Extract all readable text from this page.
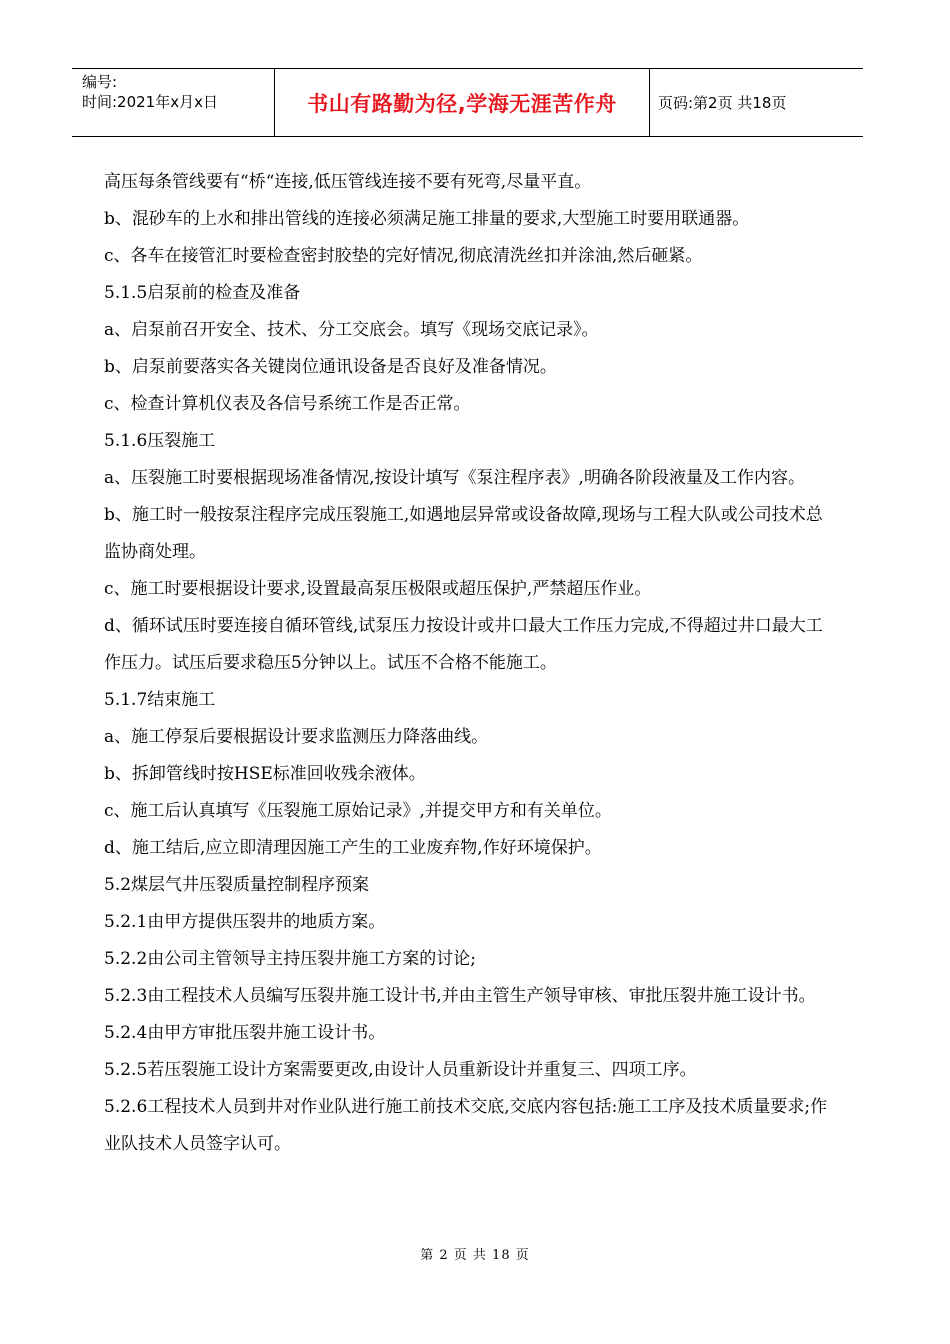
编号:
时间:2021年x月x日	书山有路勤为径,学海无涯苦作舟	页码:第2页 共18页

高压每条管线要有“桥“连接,低压管线连接不要有死弯,尽量平直。

b、混砂车的上水和排出管线的连接必须满足施工排量的要求,大型施工时要用联通器。

c、各车在接管汇时要检查密封胶垫的完好情况,彻底清洗丝扣并涂油,然后砸紧。

5.1.5启泵前的检查及准备

a、启泵前召开安全、技术、分工交底会。填写《现场交底记录》。

b、启泵前要落实各关键岗位通讯设备是否良好及准备情况。

c、检查计算机仪表及各信号系统工作是否正常。

5.1.6压裂施工

a、压裂施工时要根据现场准备情况,按设计填写《泵注程序表》,明确各阶段液量及工作内容。

b、施工时一般按泵注程序完成压裂施工,如遇地层异常或设备故障,现场与工程大队或公司技术总监协商处理。

c、施工时要根据设计要求,设置最高泵压极限或超压保护,严禁超压作业。

d、循环试压时要连接自循环管线,试泵压力按设计或井口最大工作压力完成,不得超过井口最大工作压力。试压后要求稳压5分钟以上。试压不合格不能施工。

5.1.7结束施工

a、施工停泵后要根据设计要求监测压力降落曲线。

b、拆卸管线时按HSE标准回收残余液体。

c、施工后认真填写《压裂施工原始记录》,并提交甲方和有关单位。

d、施工结后,应立即清理因施工产生的工业废弃物,作好环境保护。

5.2煤层气井压裂质量控制程序预案

5.2.1由甲方提供压裂井的地质方案。

5.2.2由公司主管领导主持压裂井施工方案的讨论;

5.2.3由工程技术人员编写压裂井施工设计书,并由主管生产领导审核、审批压裂井施工设计书。

5.2.4由甲方审批压裂井施工设计书。

5.2.5若压裂施工设计方案需要更改,由设计人员重新设计并重复三、四项工序。

5.2.6工程技术人员到井对作业队进行施工前技术交底,交底内容包括:施工工序及技术质量要求;作业队技术人员签字认可。

第 2 页 共 18 页
